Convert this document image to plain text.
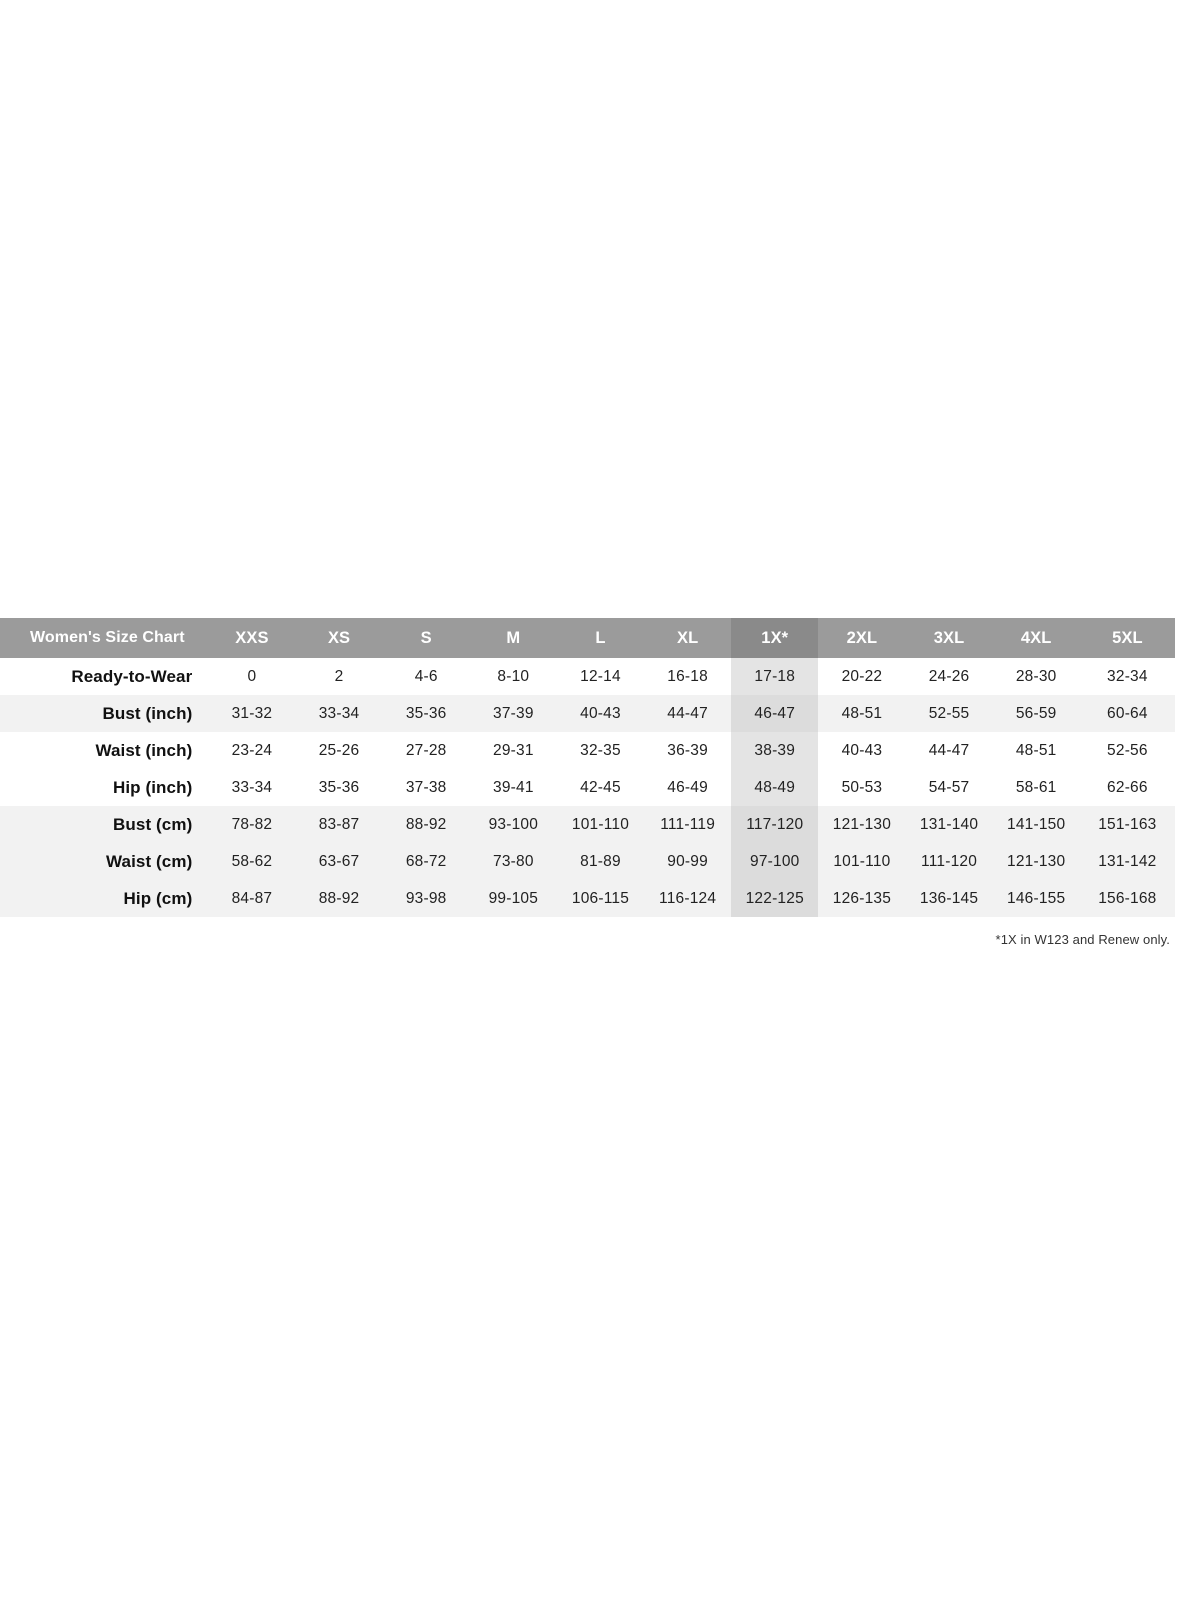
Women's Size Chart	XXS	XS	S	M	L	XL	1X*	2XL	3XL	4XL	5XL
Ready-to-Wear	0	2	4-6	8-10	12-14	16-18	17-18	20-22	24-26	28-30	32-34
Bust (inch)	31-32	33-34	35-36	37-39	40-43	44-47	46-47	48-51	52-55	56-59	60-64
Waist (inch)	23-24	25-26	27-28	29-31	32-35	36-39	38-39	40-43	44-47	48-51	52-56
Hip (inch)	33-34	35-36	37-38	39-41	42-45	46-49	48-49	50-53	54-57	58-61	62-66
Bust (cm)	78-82	83-87	88-92	93-100	101-110	111-119	117-120	121-130	131-140	141-150	151-163
Waist (cm)	58-62	63-67	68-72	73-80	81-89	90-99	97-100	101-110	111-120	121-130	131-142
Hip (cm)	84-87	88-92	93-98	99-105	106-115	116-124	122-125	126-135	136-145	146-155	156-168
*1X in W123 and Renew only.
